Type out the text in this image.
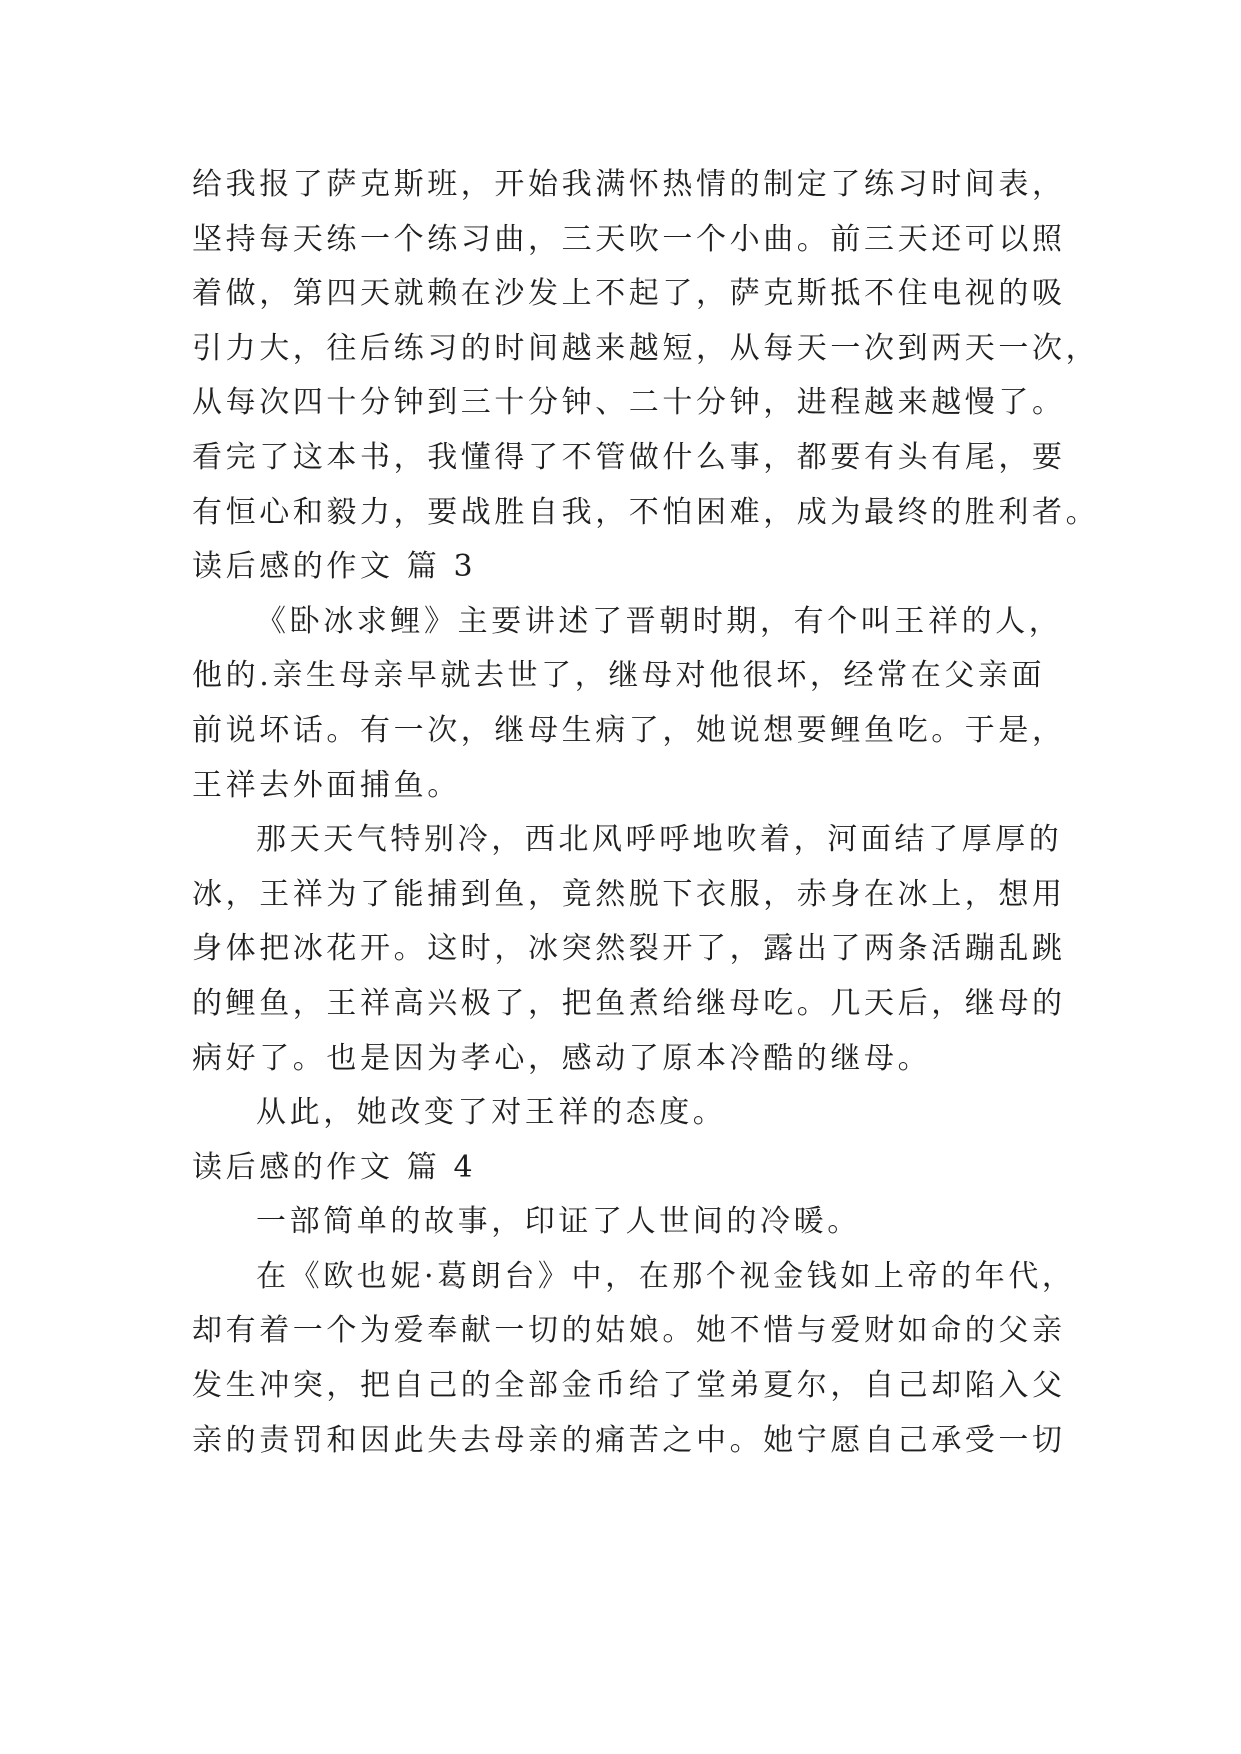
给我报了萨克斯班，开始我满怀热情的制定了练习时间表，
坚持每天练一个练习曲，三天吹一个小曲。前三天还可以照
着做，第四天就赖在沙发上不起了，萨克斯抵不住电视的吸
引力大，往后练习的时间越来越短，从每天一次到两天一次，
从每次四十分钟到三十分钟、二十分钟，进程越来越慢了。
看完了这本书，我懂得了不管做什么事，都要有头有尾，要
有恒心和毅力，要战胜自我，不怕困难，成为最终的胜利者。
读后感的作文 篇 3
《卧冰求鲤》主要讲述了晋朝时期，有个叫王祥的人，
他的.亲生母亲早就去世了，继母对他很坏，经常在父亲面
前说坏话。有一次，继母生病了，她说想要鲤鱼吃。于是，
王祥去外面捕鱼。
那天天气特别冷，西北风呼呼地吹着，河面结了厚厚的
冰，王祥为了能捕到鱼，竟然脱下衣服，赤身在冰上，想用
身体把冰花开。这时，冰突然裂开了，露出了两条活蹦乱跳
的鲤鱼，王祥高兴极了，把鱼煮给继母吃。几天后，继母的
病好了。也是因为孝心，感动了原本冷酷的继母。
从此，她改变了对王祥的态度。
读后感的作文 篇 4
一部简单的故事，印证了人世间的冷暖。
在《欧也妮·葛朗台》中，在那个视金钱如上帝的年代，
却有着一个为爱奉献一切的姑娘。她不惜与爱财如命的父亲
发生冲突，把自己的全部金币给了堂弟夏尔，自己却陷入父
亲的责罚和因此失去母亲的痛苦之中。她宁愿自己承受一切
